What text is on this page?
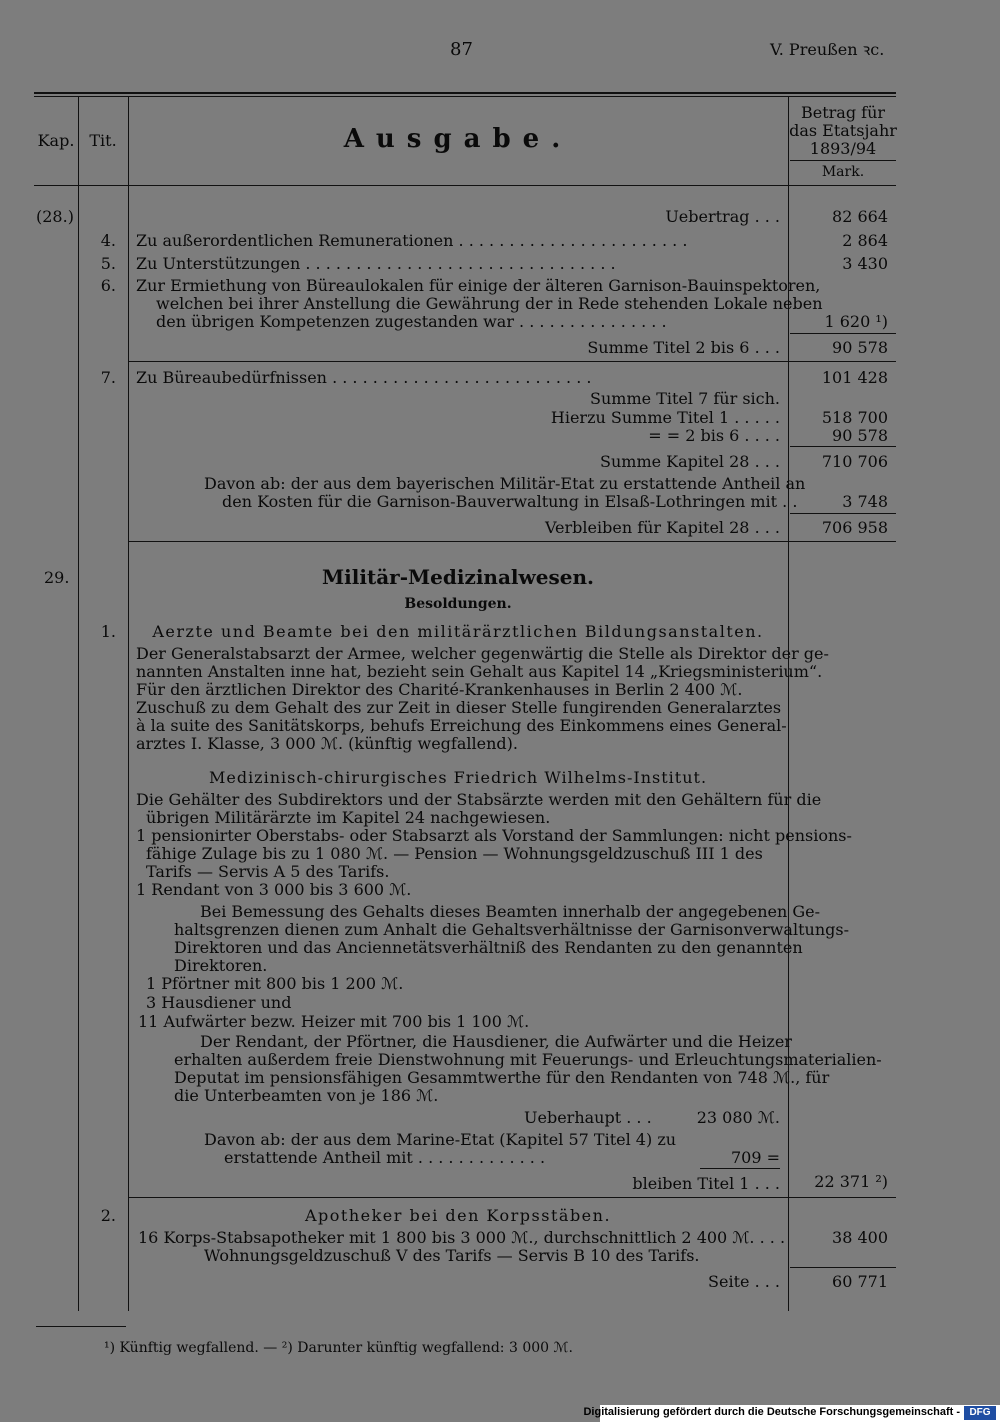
87	V. Preußen ꝛc.
Kap. Tit.	Ausgabe.
Betrag für
das Etatsjahr
1893/94
Mark.
(28.)	Uebertrag . . .	82 664
4. Zu außerordentlichen Remunerationen . . . . . . . . . . . . . . . . . . . . . . .	2 864
5. Zu Unterstützungen . . . . . . . . . . . . . . . . . . . . . . . . . . . . . . .	3 430
6. Zur Ermiethung von Büreaulokalen für einige der älteren Garnison-Bauinspektoren,
welchen bei ihrer Anstellung die Gewährung der in Rede stehenden Lokale neben
den übrigen Kompetenzen zugestanden war . . . . . . . . . . . . . . .	1 620 ¹)
Summe Titel 2 bis 6 . . .	90 578
7. Zu Büreaubedürfnissen . . . . . . . . . . . . . . . . . . . . . . . . . .	101 428
Summe Titel 7 für sich.
Hierzu Summe Titel 1 . . . . .	518 700
= = 2 bis 6 . . . .	90 578
Summe Kapitel 28 . . .	710 706
Davon ab: der aus dem bayerischen Militär-Etat zu erstattende Antheil an
den Kosten für die Garnison-Bauverwaltung in Elsaß-Lothringen mit . .	3 748
Verbleiben für Kapitel 28 . . .	706 958
29.	Militär-Medizinalwesen.
Besoldungen.
1.	Aerzte und Beamte bei den militärärztlichen Bildungsanstalten.
Der Generalstabsarzt der Armee, welcher gegenwärtig die Stelle als Direktor der ge-
nannten Anstalten inne hat, bezieht sein Gehalt aus Kapitel 14 „Kriegsministerium“.
Für den ärztlichen Direktor des Charité-Krankenhauses in Berlin 2 400 ℳ.
Zuschuß zu dem Gehalt des zur Zeit in dieser Stelle fungirenden Generalarztes
à la suite des Sanitätskorps, behufs Erreichung des Einkommens eines General-
arztes I. Klasse, 3 000 ℳ. (künftig wegfallend).
Medizinisch-chirurgisches Friedrich Wilhelms-Institut.
Die Gehälter des Subdirektors und der Stabsärzte werden mit den Gehältern für die
übrigen Militärärzte im Kapitel 24 nachgewiesen.
1 pensionirter Oberstabs- oder Stabsarzt als Vorstand der Sammlungen: nicht pensions-
fähige Zulage bis zu 1 080 ℳ. — Pension — Wohnungsgeldzuschuß III 1 des
Tarifs — Servis A 5 des Tarifs.
1 Rendant von 3 000 bis 3 600 ℳ.
Bei Bemessung des Gehalts dieses Beamten innerhalb der angegebenen Ge-
haltsgrenzen dienen zum Anhalt die Gehaltsverhältnisse der Garnisonverwaltungs-
Direktoren und das Anciennetätsverhältniß des Rendanten zu den genannten
Direktoren.
1 Pförtner mit 800 bis 1 200 ℳ.
3 Hausdiener und
11 Aufwärter bezw. Heizer mit 700 bis 1 100 ℳ.
Der Rendant, der Pförtner, die Hausdiener, die Aufwärter und die Heizer
erhalten außerdem freie Dienstwohnung mit Feuerungs- und Erleuchtungsmaterialien-
Deputat im pensionsfähigen Gesammtwerthe für den Rendanten von 748 ℳ., für
die Unterbeamten von je 186 ℳ.
Ueberhaupt . . .	23 080 ℳ.
Davon ab: der aus dem Marine-Etat (Kapitel 57 Titel 4) zu
erstattende Antheil mit . . . . . . . . . . . . .	709 =
bleiben Titel 1 . . .	22 371 ²)
2.	Apotheker bei den Korpsstäben.
16 Korps-Stabsapotheker mit 1 800 bis 3 000 ℳ., durchschnittlich 2 400 ℳ. . . .	38 400
Wohnungsgeldzuschuß V des Tarifs — Servis B 10 des Tarifs.
Seite . . .	60 771
¹) Künftig wegfallend. — ²) Darunter künftig wegfallend: 3 000 ℳ.
Digitalisierung gefördert durch die Deutsche Forschungsgemeinschaft - DFG
